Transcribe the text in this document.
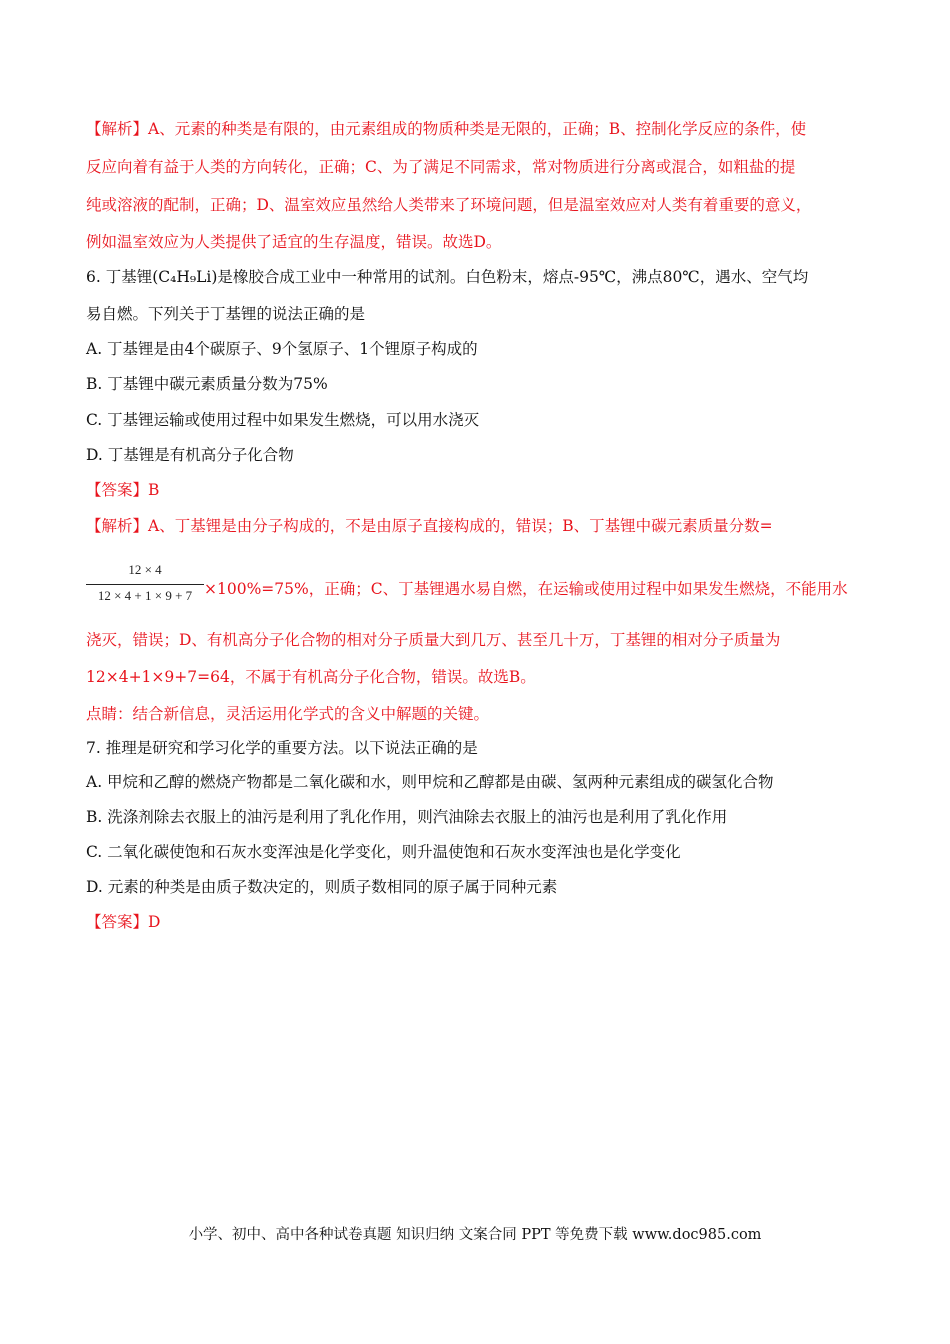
【解析】A、元素的种类是有限的，由元素组成的物质种类是无限的，正确；B、控制化学反应的条件，使
反应向着有益于人类的方向转化，正确；C、为了满足不同需求，常对物质进行分离或混合，如粗盐的提
纯或溶液的配制，正确；D、温室效应虽然给人类带来了环境问题，但是温室效应对人类有着重要的意义，
例如温室效应为人类提供了适宜的生存温度，错误。故选D。
6. 丁基锂(C₄H₉Li)是橡胶合成工业中一种常用的试剂。白色粉末，熔点-95℃，沸点80℃，遇水、空气均
易自燃。下列关于丁基锂的说法正确的是
A. 丁基锂是由4个碳原子、9个氢原子、1个锂原子构成的
B. 丁基锂中碳元素质量分数为75%
C. 丁基锂运输或使用过程中如果发生燃烧，可以用水浇灭
D. 丁基锂是有机高分子化合物
【答案】B
【解析】A、丁基锂是由分子构成的，不是由原子直接构成的，错误；B、丁基锂中碳元素质量分数=
12 × 4
12 × 4 + 1 × 9 + 7 ×100%=75%，正确；C、丁基锂遇水易自燃，在运输或使用过程中如果发生燃烧，不能用水
浇灭，错误；D、有机高分子化合物的相对分子质量大到几万、甚至几十万，丁基锂的相对分子质量为
12×4+1×9+7=64，不属于有机高分子化合物，错误。故选B。
点睛：结合新信息，灵活运用化学式的含义中解题的关键。
7. 推理是研究和学习化学的重要方法。以下说法正确的是
A. 甲烷和乙醇的燃烧产物都是二氧化碳和水，则甲烷和乙醇都是由碳、氢两种元素组成的碳氢化合物
B. 洗涤剂除去衣服上的油污是利用了乳化作用，则汽油除去衣服上的油污也是利用了乳化作用
C. 二氧化碳使饱和石灰水变浑浊是化学变化，则升温使饱和石灰水变浑浊也是化学变化
D. 元素的种类是由质子数决定的，则质子数相同的原子属于同种元素
【答案】D
小学、初中、高中各种试卷真题 知识归纳 文案合同 PPT 等免费下载 www.doc985.com
